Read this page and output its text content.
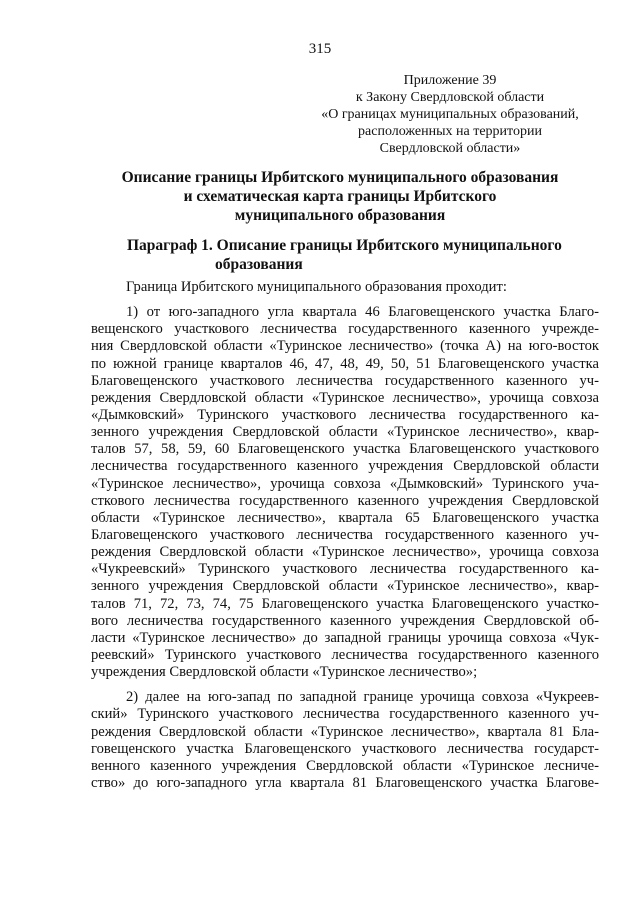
315
Приложение 39
к Закону Свердловской области
«О границах муниципальных образований,
расположенных на территории
Свердловской области»
Описание границы Ирбитского муниципального образования
и схематическая карта границы Ирбитского
муниципального образования
Параграф 1. Описание границы Ирбитского муниципального
образования
Граница Ирбитского муниципального образования проходит:
1) от юго-западного угла квартала 46 Благовещенского участка Благо-
вещенского участкового лесничества государственного казенного учрежде-
ния Свердловской области «Туринское лесничество» (точка А) на юго-восток
по южной границе кварталов 46, 47, 48, 49, 50, 51 Благовещенского участка
Благовещенского участкового лесничества государственного казенного уч-
реждения Свердловской области «Туринское лесничество», урочища совхоза
«Дымковский» Туринского участкового лесничества государственного ка-
зенного учреждения Свердловской области «Туринское лесничество», квар-
талов 57, 58, 59, 60 Благовещенского участка Благовещенского участкового
лесничества государственного казенного учреждения Свердловской области
«Туринское лесничество», урочища совхоза «Дымковский» Туринского уча-
сткового лесничества государственного казенного учреждения Свердловской
области «Туринское лесничество», квартала 65 Благовещенского участка
Благовещенского участкового лесничества государственного казенного уч-
реждения Свердловской области «Туринское лесничество», урочища совхоза
«Чукреевский» Туринского участкового лесничества государственного ка-
зенного учреждения Свердловской области «Туринское лесничество», квар-
талов 71, 72, 73, 74, 75 Благовещенского участка Благовещенского участко-
вого лесничества государственного казенного учреждения Свердловской об-
ласти «Туринское лесничество» до западной границы урочища совхоза «Чук-
реевский» Туринского участкового лесничества государственного казенного
учреждения Свердловской области «Туринское лесничество»;
2) далее на юго-запад по западной границе урочища совхоза «Чукреев-
ский» Туринского участкового лесничества государственного казенного уч-
реждения Свердловской области «Туринское лесничество», квартала 81 Бла-
говещенского участка Благовещенского участкового лесничества государст-
венного казенного учреждения Свердловской области «Туринское лесниче-
ство» до юго-западного угла квартала 81 Благовещенского участка Благове-
